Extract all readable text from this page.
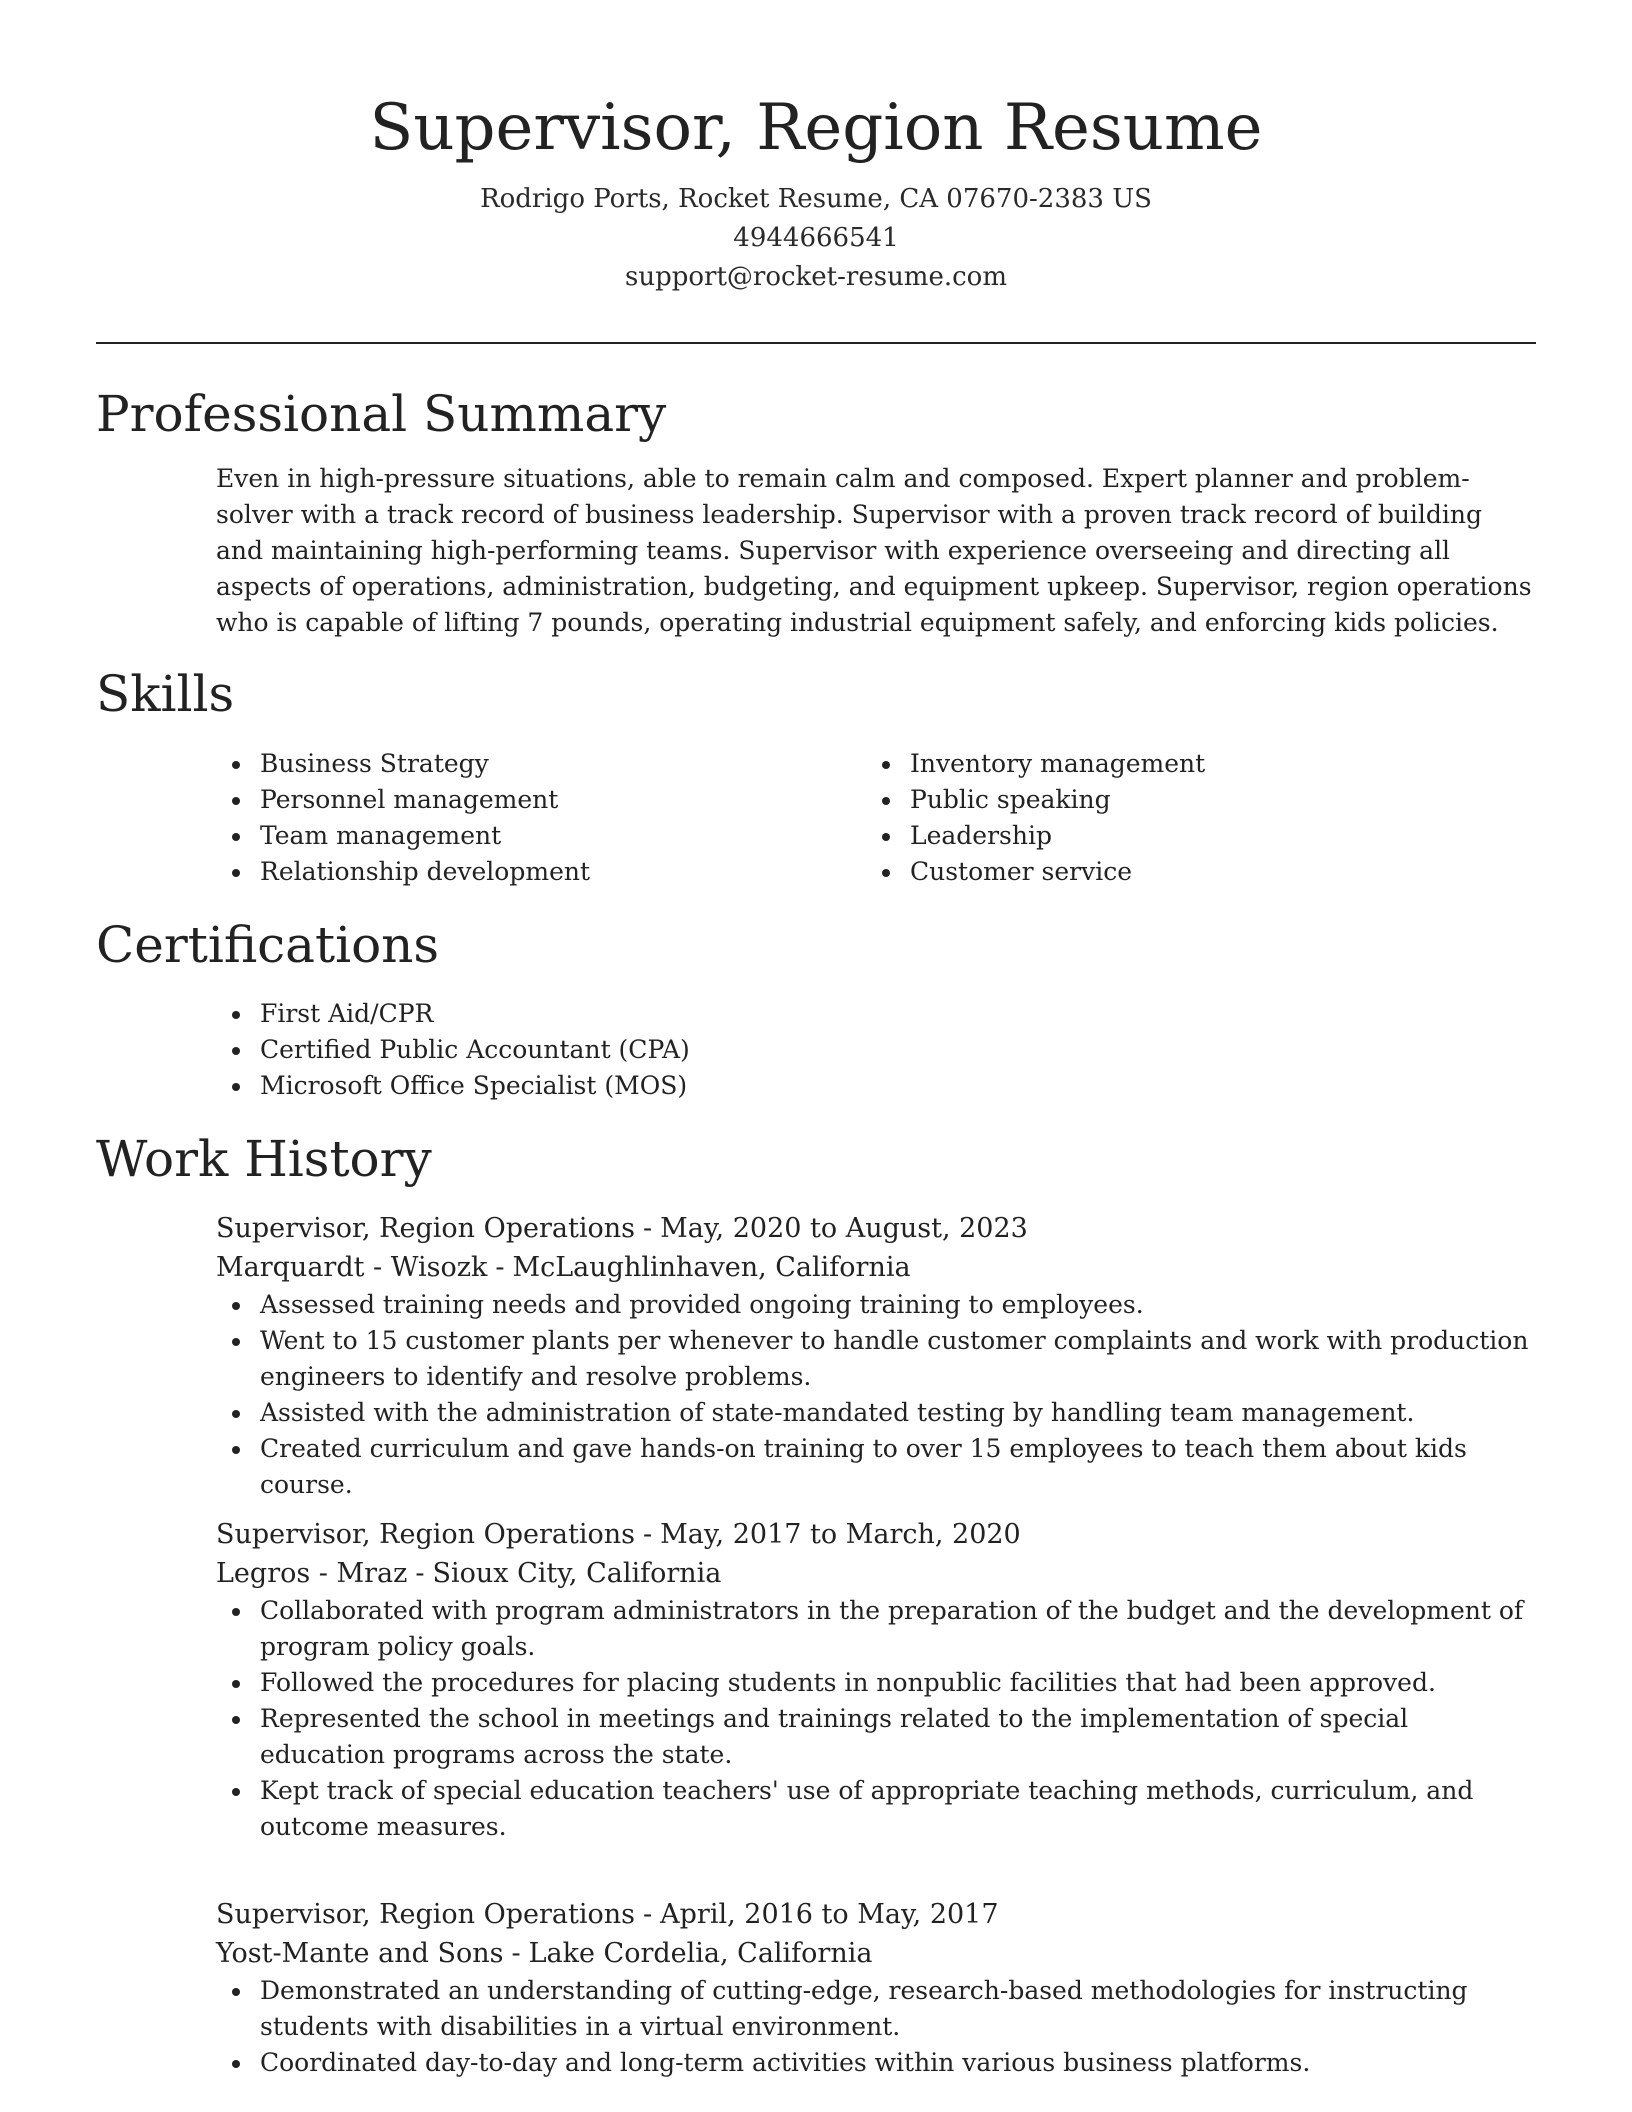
Supervisor, Region Resume
Rodrigo Ports, Rocket Resume, CA 07670-2383 US
4944666541
support@rocket-resume.com
Professional Summary

Even in high-pressure situations, able to remain calm and composed. Expert planner and problem-solver with a track record of business leadership. Supervisor with a proven track record of building and maintaining high-performing teams. Supervisor with experience overseeing and directing all aspects of operations, administration, budgeting, and equipment upkeep. Supervisor, region operations who is capable of lifting 7 pounds, operating industrial equipment safely, and enforcing kids policies.

Skills
Business Strategy
Personnel management
Team management
Relationship development
Inventory management
Public speaking
Leadership
Customer service
Certifications
First Aid/CPR
Certified Public Accountant (CPA)
Microsoft Office Specialist (MOS)
Work History
Supervisor, Region Operations - May, 2020 to August, 2023
Marquardt - Wisozk - McLaughlinhaven, California
Assessed training needs and provided ongoing training to employees.
Went to 15 customer plants per whenever to handle customer complaints and work with production engineers to identify and resolve problems.
Assisted with the administration of state-mandated testing by handling team management.
Created curriculum and gave hands-on training to over 15 employees to teach them about kids course.
Supervisor, Region Operations - May, 2017 to March, 2020
Legros - Mraz - Sioux City, California
Collaborated with program administrators in the preparation of the budget and the development of program policy goals.
Followed the procedures for placing students in nonpublic facilities that had been approved.
Represented the school in meetings and trainings related to the implementation of special education programs across the state.
Kept track of special education teachers' use of appropriate teaching methods, curriculum, and outcome measures.
Supervisor, Region Operations - April, 2016 to May, 2017
Yost-Mante and Sons - Lake Cordelia, California
Demonstrated an understanding of cutting-edge, research-based methodologies for instructing students with disabilities in a virtual environment.
Coordinated day-to-day and long-term activities within various business platforms.
